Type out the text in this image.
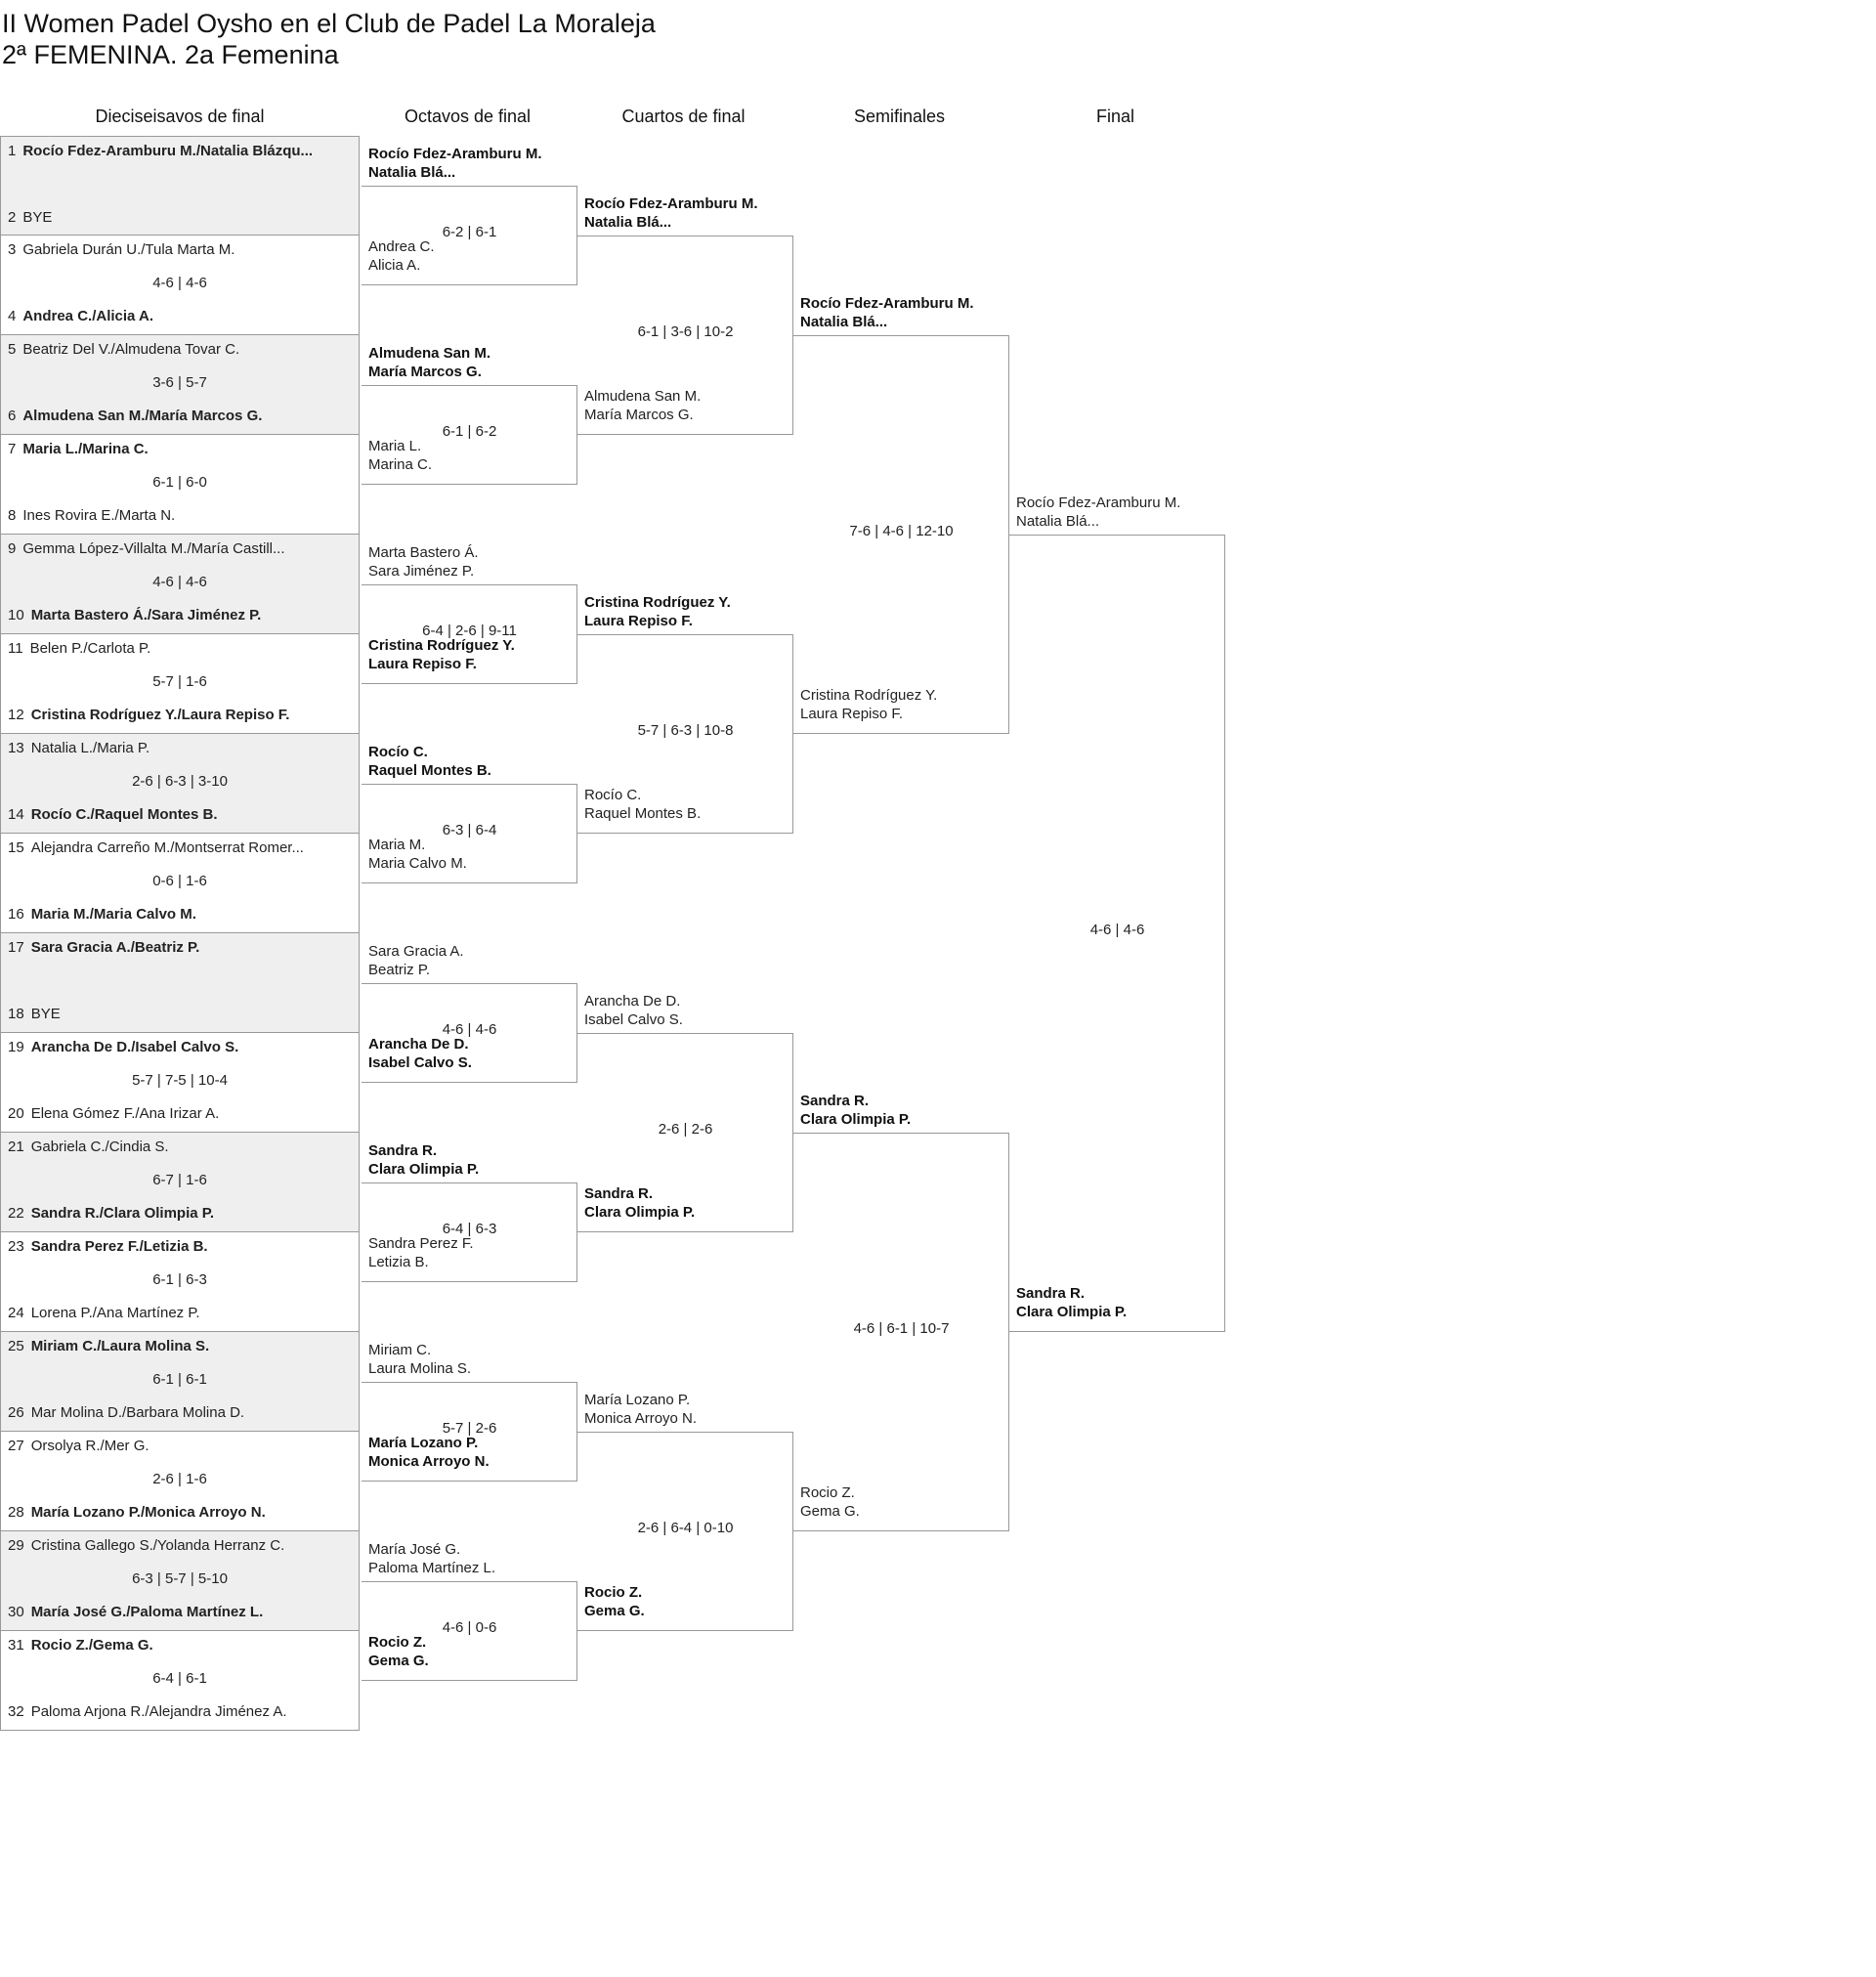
II Women Padel Oysho en el Club de Padel La Moraleja
2ª FEMENINA. 2a Femenina
Dieciseisavos de final	Octavos de final	Cuartos de final	Semifinales	Final
1 Rocío Fdez-Aramburu M./Natalia Blázqu...
2 BYE
3 Gabriela Durán U./Tula Marta M.
4 Andrea C./Alicia A.
4-6 | 4-6
5 Beatriz Del V./Almudena Tovar C.
6 Almudena San M./María Marcos G.
3-6 | 5-7
7 Maria L./Marina C.
8 Ines Rovira E./Marta N.
6-1 | 6-0
9 Gemma López-Villalta M./María Castill...
10 Marta Bastero Á./Sara Jiménez P.
4-6 | 4-6
11 Belen P./Carlota P.
12 Cristina Rodríguez Y./Laura Repiso F.
5-7 | 1-6
13 Natalia L./Maria P.
14 Rocío C./Raquel Montes B.
2-6 | 6-3 | 3-10
15 Alejandra Carreño M./Montserrat Romer...
16 Maria M./Maria Calvo M.
0-6 | 1-6
17 Sara Gracia A./Beatriz P.
18 BYE
19 Arancha De D./Isabel Calvo S.
20 Elena Gómez F./Ana Irizar A.
5-7 | 7-5 | 10-4
21 Gabriela C./Cindia S.
22 Sandra R./Clara Olimpia P.
6-7 | 1-6
23 Sandra Perez F./Letizia B.
24 Lorena P./Ana Martínez P.
6-1 | 6-3
25 Miriam C./Laura Molina S.
26 Mar Molina D./Barbara Molina D.
6-1 | 6-1
27 Orsolya R./Mer G.
28 María Lozano P./Monica Arroyo N.
2-6 | 1-6
29 Cristina Gallego S./Yolanda Herranz C.
30 María José G./Paloma Martínez L.
6-3 | 5-7 | 5-10
31 Rocio Z./Gema G.
32 Paloma Arjona R./Alejandra Jiménez A.
6-4 | 6-1
Rocío Fdez-Aramburu M.
Natalia Blá...
Andrea C.
Alicia A.
6-2 | 6-1
Almudena San M.
María Marcos G.
Maria L.
Marina C.
6-1 | 6-2
Marta Bastero Á.
Sara Jiménez P.
Cristina Rodríguez Y.
Laura Repiso F.
6-4 | 2-6 | 9-11
Rocío C.
Raquel Montes B.
Maria M.
Maria Calvo M.
6-3 | 6-4
Sara Gracia A.
Beatriz P.
Arancha De D.
Isabel Calvo S.
4-6 | 4-6
Sandra R.
Clara Olimpia P.
Sandra Perez F.
Letizia B.
6-4 | 6-3
Miriam C.
Laura Molina S.
María Lozano P.
Monica Arroyo N.
5-7 | 2-6
María José G.
Paloma Martínez L.
Rocio Z.
Gema G.
4-6 | 0-6
Rocío Fdez-Aramburu M.
Natalia Blá...
Almudena San M.
María Marcos G.
6-1 | 3-6 | 10-2
Cristina Rodríguez Y.
Laura Repiso F.
Rocío C.
Raquel Montes B.
5-7 | 6-3 | 10-8
Arancha De D.
Isabel Calvo S.
Sandra R.
Clara Olimpia P.
2-6 | 2-6
María Lozano P.
Monica Arroyo N.
Rocio Z.
Gema G.
2-6 | 6-4 | 0-10
Rocío Fdez-Aramburu M.
Natalia Blá...
Cristina Rodríguez Y.
Laura Repiso F.
7-6 | 4-6 | 12-10
Sandra R.
Clara Olimpia P.
Rocio Z.
Gema G.
4-6 | 6-1 | 10-7
Rocío Fdez-Aramburu M.
Natalia Blá...
Sandra R.
Clara Olimpia P.
4-6 | 4-6
